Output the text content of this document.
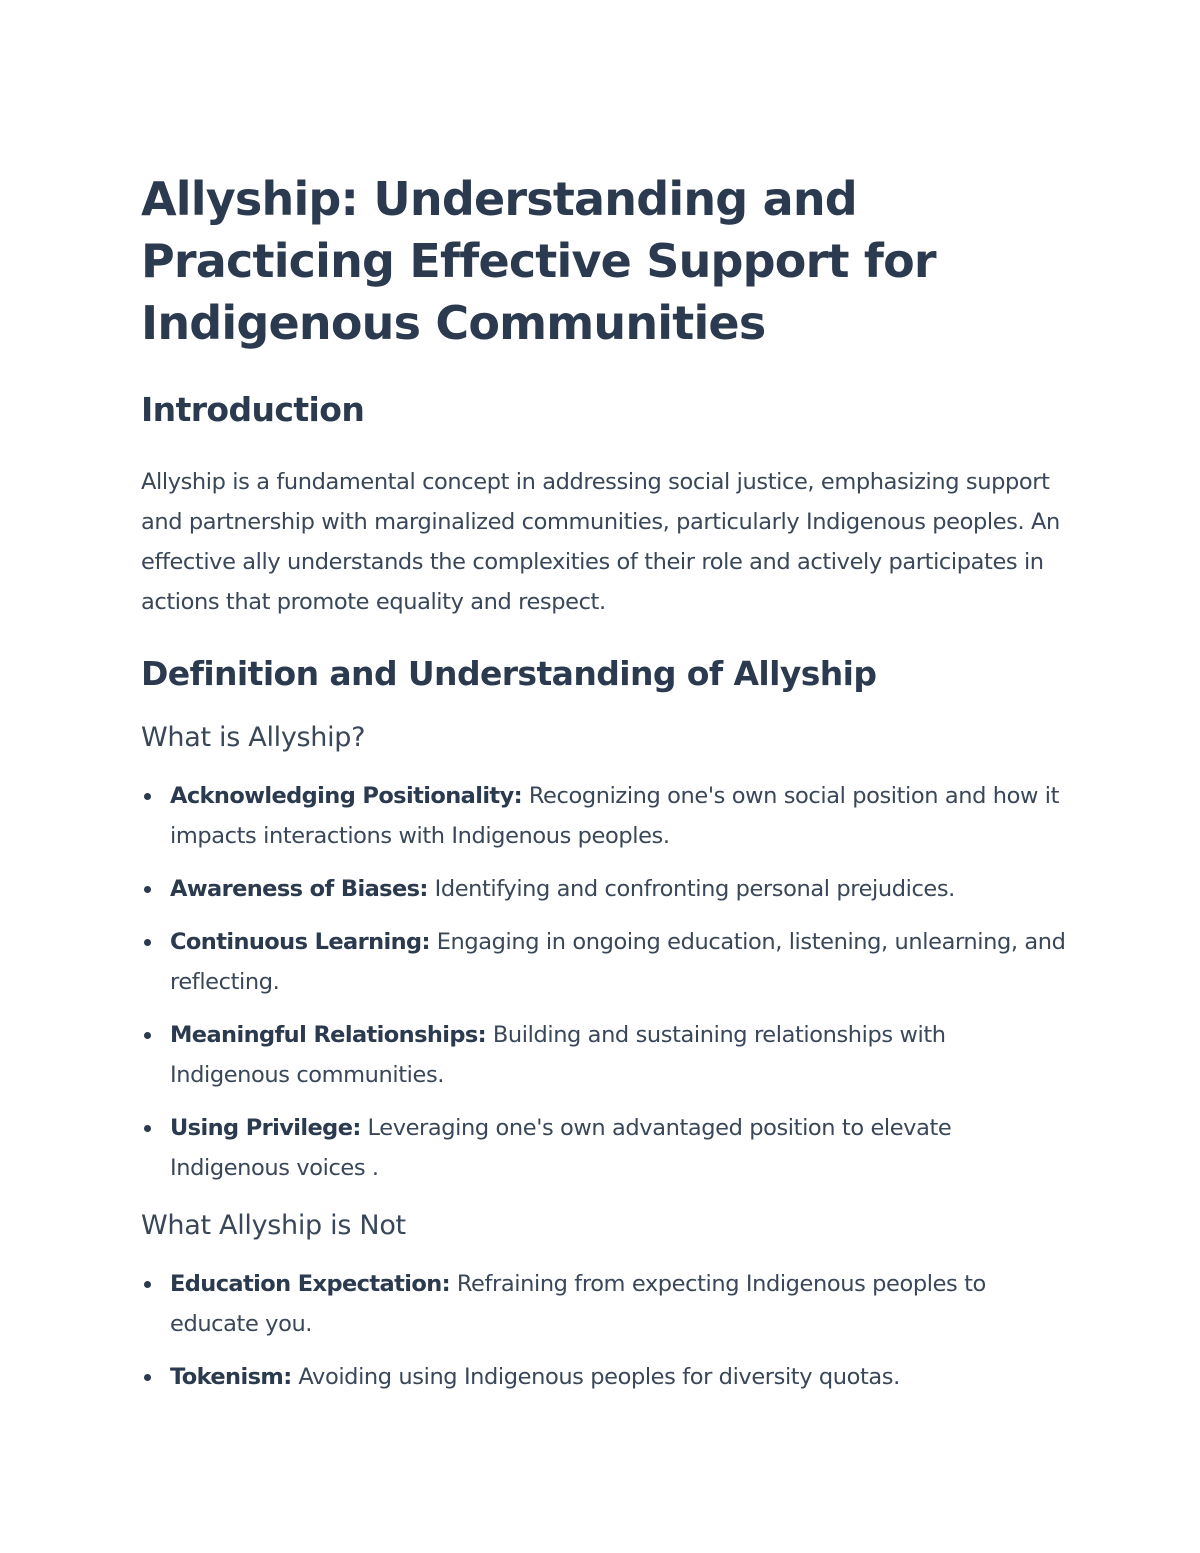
Allyship: Understanding and Practicing Effective Support for Indigenous Communities
Introduction

Allyship is a fundamental concept in addressing social justice, emphasizing support and partnership with marginalized communities, particularly Indigenous peoples. An effective ally understands the complexities of their role and actively participates in actions that promote equality and respect.

Definition and Understanding of Allyship
What is Allyship?
Acknowledging Positionality: Recognizing one's own social position and how it impacts interactions with Indigenous peoples.
Awareness of Biases: Identifying and confronting personal prejudices.
Continuous Learning: Engaging in ongoing education, listening, unlearning, and reflecting.
Meaningful Relationships: Building and sustaining relationships with Indigenous communities.
Using Privilege: Leveraging one's own advantaged position to elevate Indigenous voices .
What Allyship is Not
Education Expectation: Refraining from expecting Indigenous peoples to educate you.
Tokenism: Avoiding using Indigenous peoples for diversity quotas.
